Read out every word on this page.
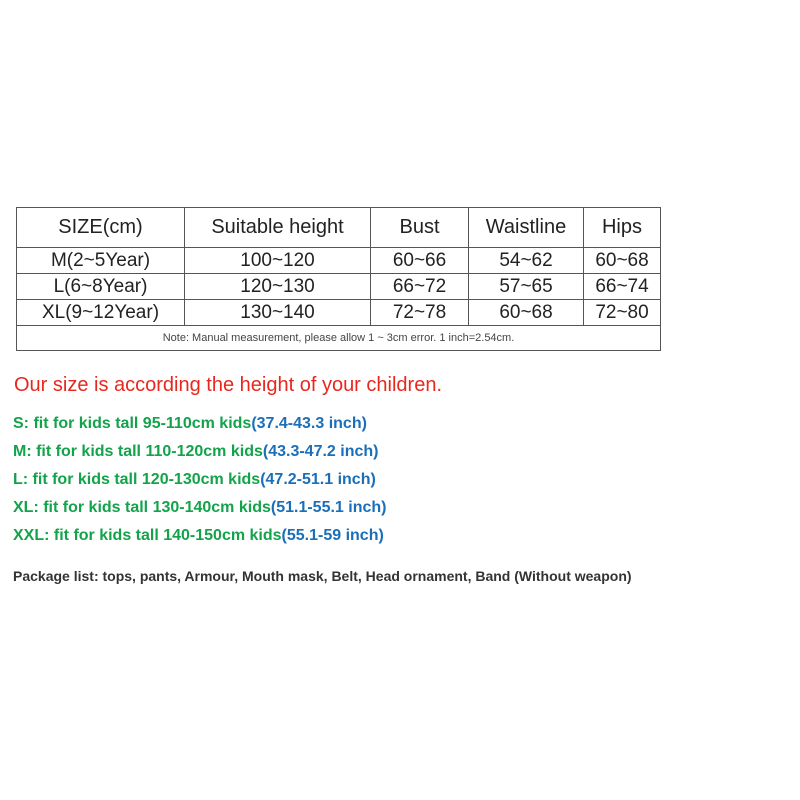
SIZE(cm)	Suitable height	Bust	Waistline	Hips
M(2~5Year)	100~120	60~66	54~62	60~68
L(6~8Year)	120~130	66~72	57~65	66~74
XL(9~12Year)	130~140	72~78	60~68	72~80
Note: Manual measurement, please allow 1 ~ 3cm error. 1 inch=2.54cm.				

Our size is according the height of your children.

S: fit for kids tall 95-110cm kids(37.4-43.3 inch)
M: fit for kids tall 110-120cm kids(43.3-47.2 inch)
L: fit for kids tall 120-130cm kids(47.2-51.1 inch)
XL: fit for kids tall 130-140cm kids(51.1-55.1 inch)
XXL: fit for kids tall 140-150cm kids(55.1-59 inch)

Package list: tops, pants, Armour, Mouth mask, Belt, Head ornament, Band (Without weapon)
